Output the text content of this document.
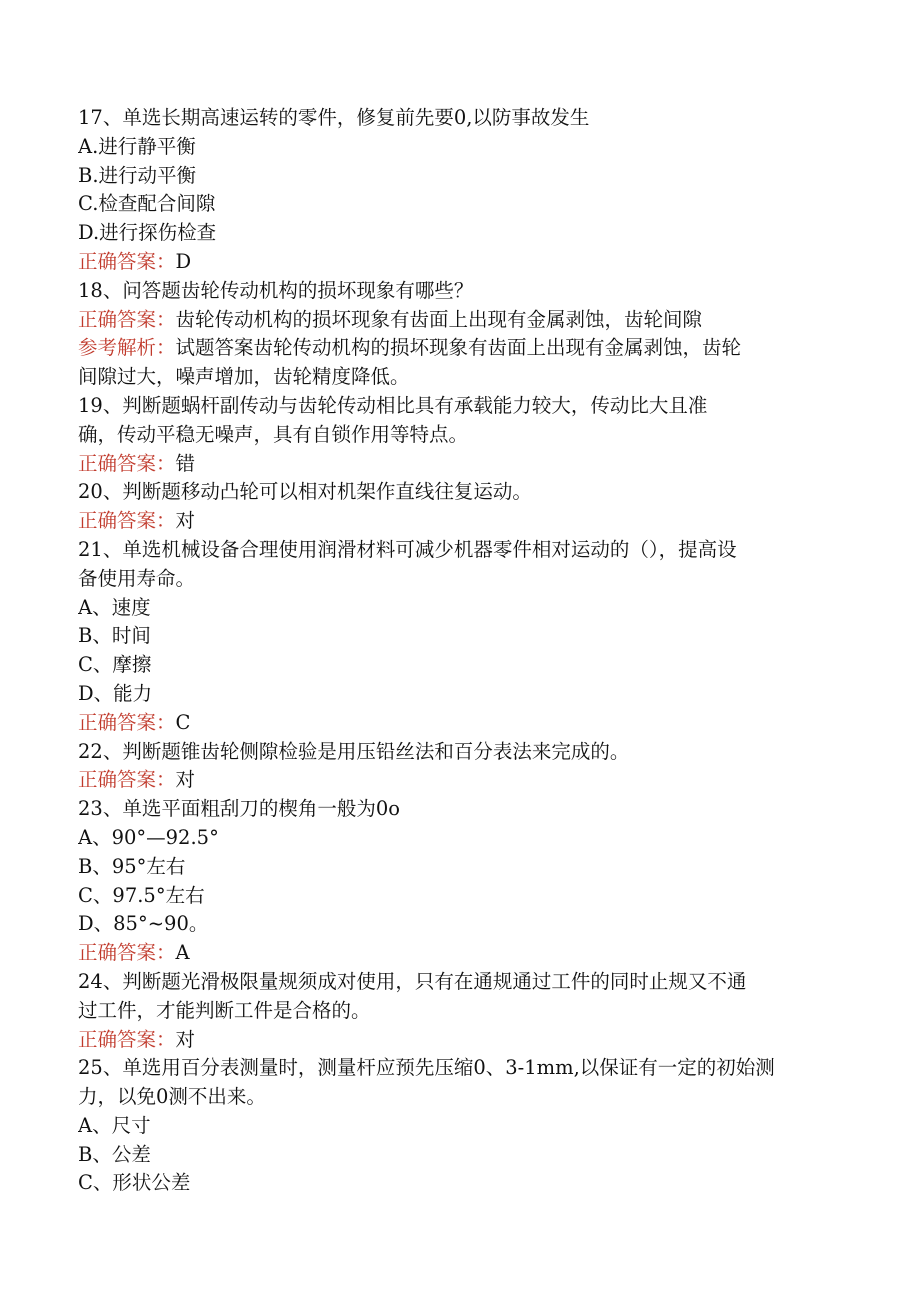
17、单选长期高速运转的零件，修复前先要0,以防事故发生
A.进行静平衡
B.进行动平衡
C.检查配合间隙
D.进行探伤检查
正确答案：D
18、问答题齿轮传动机构的损坏现象有哪些？
正确答案：齿轮传动机构的损坏现象有齿面上出现有金属剥蚀，齿轮间隙
参考解析：试题答案齿轮传动机构的损坏现象有齿面上出现有金属剥蚀，齿轮
间隙过大，噪声增加，齿轮精度降低。
19、判断题蜗杆副传动与齿轮传动相比具有承载能力较大，传动比大且准
确，传动平稳无噪声，具有自锁作用等特点。
正确答案：错
20、判断题移动凸轮可以相对机架作直线往复运动。
正确答案：对
21、单选机械设备合理使用润滑材料可减少机器零件相对运动的（），提高设
备使用寿命。
A、速度
B、时间
C、摩擦
D、能力
正确答案：C
22、判断题锥齿轮侧隙检验是用压铅丝法和百分表法来完成的。
正确答案：对
23、单选平面粗刮刀的楔角一般为0o
A、90°—92.5°
B、95°左右
C、97.5°左右
D、85°~90。
正确答案：A
24、判断题光滑极限量规须成对使用，只有在通规通过工件的同时止规又不通
过工件，才能判断工件是合格的。
正确答案：对
25、单选用百分表测量时，测量杆应预先压缩0、3-1mm,以保证有一定的初始测
力，以免0测不出来。
A、尺寸
B、公差
C、形状公差
